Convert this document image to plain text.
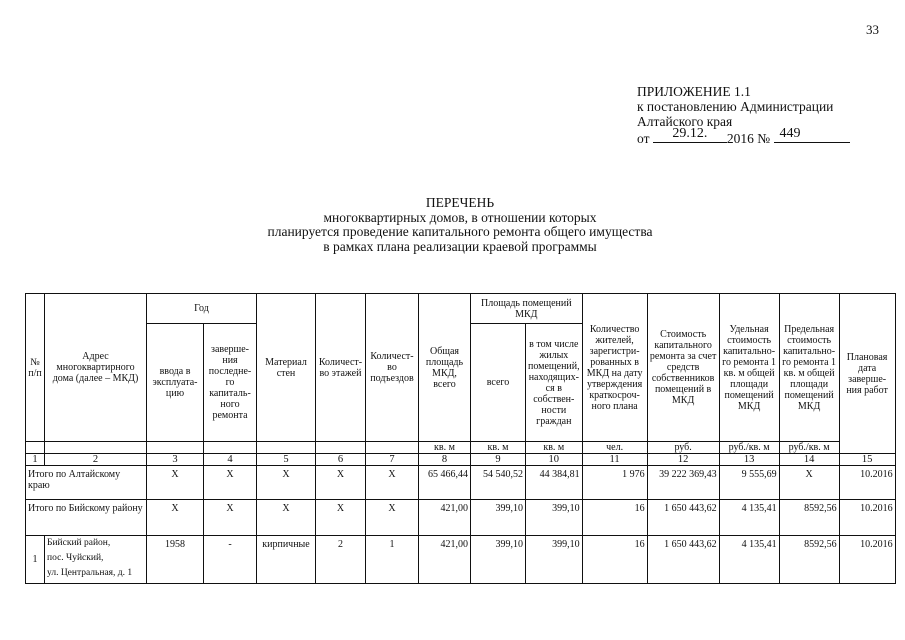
33
ПРИЛОЖЕНИЕ 1.1
к постановлению Администрации
Алтайского края
от	29.12.	2016 № 449
ПЕРЕЧЕНЬ
многоквартирных домов, в отношении которых
планируется проведение капитального ремонта общего имущества
в рамках плана реализации краевой программы
№ п/п	Адрес многоквартирного дома (далее – МКД)	Год		Материал стен	Количест-во этажей	Количест-во подъездов	Общая площадь МКД, всего	Площадь помещений МКД		Количество жителей, зарегистри-рованных в МКД на дату утверждения краткосроч-ного плана	Стоимость капитального ремонта за счет средств собственников помещений в МКД	Удельная стоимость капитально-го ремонта 1 кв. м общей площади помещений МКД	Предельная стоимость капитально-го ремонта 1 кв. м общей площади помещений МКД	Плановая дата заверше-ния работ
		ввода в эксплуата-цию	заверше-ния последне-го капиталь-ного ремонта					всего	в том числе жилых помещений, находящих-ся в собствен-ности граждан					
							кв. м	кв. м	кв. м	чел.	руб.	руб./кв. м	руб./кв. м	
1	2	3	4	5	6	7	8	9	10	11	12	13	14	15
Итого по Алтайскому краю		Х	Х	Х	Х	Х	65 466,44	54 540,52	44 384,81	1 976	39 222 369,43	9 555,69	Х	10.2016
Итого по Бийскому району		Х	Х	Х	Х	Х	421,00	399,10	399,10	16	1 650 443,62	4 135,41	8592,56	10.2016
1	Бийский район,
пос. Чуйский,
ул. Центральная, д. 1	1958	-	кирпичные	2	1	421,00	399,10	399,10	16	1 650 443,62	4 135,41	8592,56	10.2016
